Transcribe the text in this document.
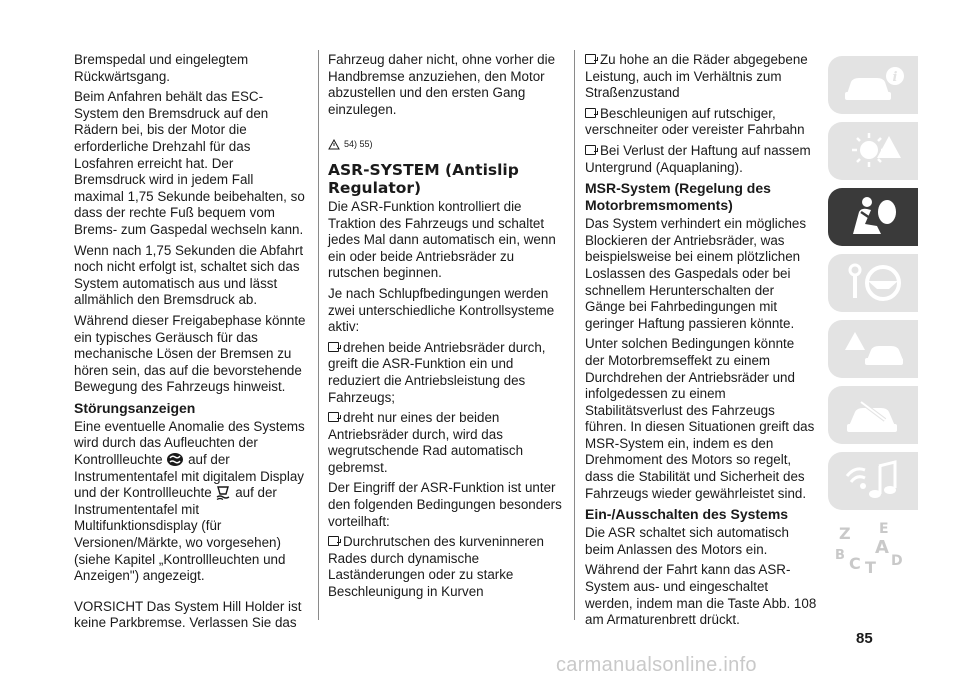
Bremspedal und eingelegtem Rückwärtsgang.

Beim Anfahren behält das ESC-System den Bremsdruck auf den Rädern bei, bis der Motor die erforderliche Drehzahl für das Losfahren erreicht hat. Der Bremsdruck wird in jedem Fall maximal 1,75 Sekunde beibehalten, so dass der rechte Fuß bequem vom Brems- zum Gaspedal wechseln kann.

Wenn nach 1,75 Sekunden die Abfahrt noch nicht erfolgt ist, schaltet sich das System automatisch aus und lässt allmählich den Bremsdruck ab.

Während dieser Freigabephase könnte ein typisches Geräusch für das mechanische Lösen der Bremsen zu hören sein, das auf die bevorstehende Bewegung des Fahrzeugs hinweist.

Störungsanzeigen

Eine eventuelle Anomalie des Systems wird durch das Aufleuchten der Kontrollleuchte auf der Instrumententafel mit digitalem Display und der Kontrollleuchte auf der Instrumententafel mit Multifunktionsdisplay (für Versionen/Märkte, wo vorgesehen) (siehe Kapitel „Kontrollleuchten und Anzeigen") angezeigt.

VORSICHT Das System Hill Holder ist keine Parkbremse. Verlassen Sie das

Fahrzeug daher nicht, ohne vorher die Handbremse anzuziehen, den Motor abzustellen und den ersten Gang einzulegen.

54) 55)
ASR-SYSTEM (Antislip Regulator)

Die ASR-Funktion kontrolliert die Traktion des Fahrzeugs und schaltet jedes Mal dann automatisch ein, wenn ein oder beide Antriebsräder zu rutschen beginnen.

Je nach Schlupfbedingungen werden zwei unterschiedliche Kontrollsysteme aktiv:

drehen beide Antriebsräder durch, greift die ASR-Funktion ein und reduziert die Antriebsleistung des Fahrzeugs;

dreht nur eines der beiden Antriebsräder durch, wird das wegrutschende Rad automatisch gebremst.

Der Eingriff der ASR-Funktion ist unter den folgenden Bedingungen besonders vorteilhaft:

Durchrutschen des kurveninneren Rades durch dynamische Laständerungen oder zu starke Beschleunigung in Kurven

Zu hohe an die Räder abgegebene Leistung, auch im Verhältnis zum Straßenzustand

Beschleunigen auf rutschiger, verschneiter oder vereister Fahrbahn

Bei Verlust der Haftung auf nassem Untergrund (Aquaplaning).

MSR-System (Regelung des Motorbremsmoments)

Das System verhindert ein mögliches Blockieren der Antriebsräder, was beispielsweise bei einem plötzlichen Loslassen des Gaspedals oder bei schnellem Herunterschalten der Gänge bei Fahrbedingungen mit geringer Haftung passieren könnte.

Unter solchen Bedingungen könnte der Motorbremseffekt zu einem Durchdrehen der Antriebsräder und infolgedessen zu einem Stabilitätsverlust des Fahrzeugs führen. In diesen Situationen greift das MSR-System ein, indem es den Drehmoment des Motors so regelt, dass die Stabilität und Sicherheit des Fahrzeugs wieder gewährleistet sind.

Ein-/Ausschalten des Systems

Die ASR schaltet sich automatisch beim Anlassen des Motors ein.

Während der Fahrt kann das ASR-System aus- und eingeschaltet werden, indem man die Taste Abb. 108 am Armaturenbrett drückt.

i
Z E
B A
C T D
85
carmanualsonline.info
